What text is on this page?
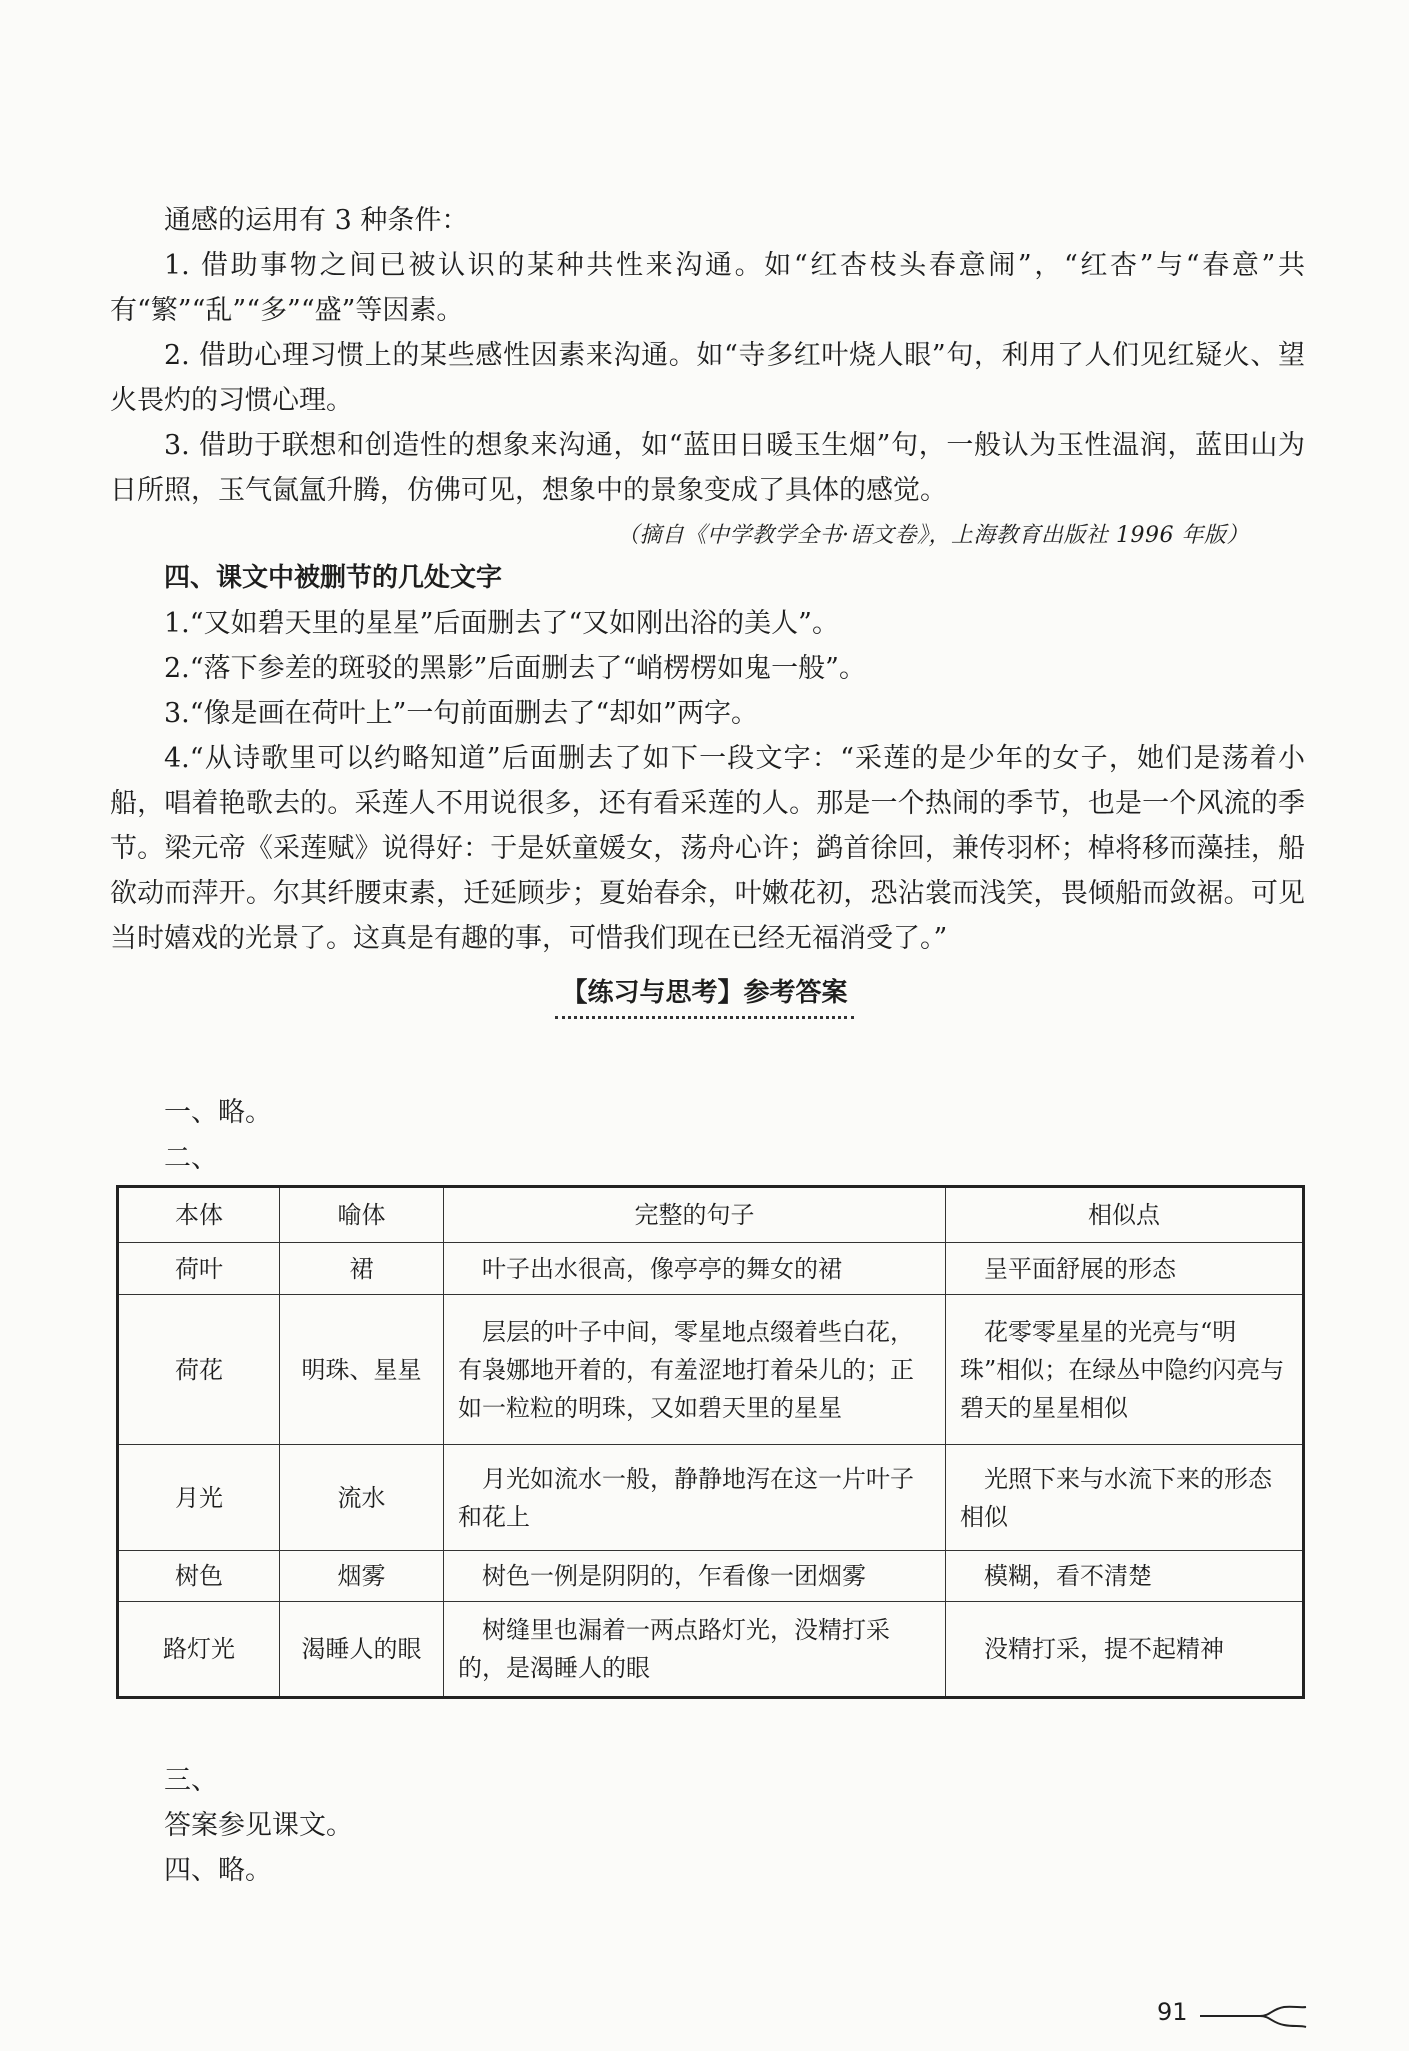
通感的运用有 3 种条件：

1. 借助事物之间已被认识的某种共性来沟通。如“红杏枝头春意闹”，“红杏”与“春意”共有“繁”“乱”“多”“盛”等因素。

2. 借助心理习惯上的某些感性因素来沟通。如“寺多红叶烧人眼”句，利用了人们见红疑火、望火畏灼的习惯心理。

3. 借助于联想和创造性的想象来沟通，如“蓝田日暖玉生烟”句，一般认为玉性温润，蓝田山为日所照，玉气氤氲升腾，仿佛可见，想象中的景象变成了具体的感觉。

（摘自《中学教学全书·语文卷》，上海教育出版社 1996 年版）

四、课文中被删节的几处文字

1.“又如碧天里的星星”后面删去了“又如刚出浴的美人”。

2.“落下参差的斑驳的黑影”后面删去了“峭楞楞如鬼一般”。

3.“像是画在荷叶上”一句前面删去了“却如”两字。

4.“从诗歌里可以约略知道”后面删去了如下一段文字：“采莲的是少年的女子，她们是荡着小船，唱着艳歌去的。采莲人不用说很多，还有看采莲的人。那是一个热闹的季节，也是一个风流的季节。梁元帝《采莲赋》说得好：于是妖童媛女，荡舟心许；鹢首徐回，兼传羽杯；棹将移而藻挂，船欲动而萍开。尔其纤腰束素，迁延顾步；夏始春余，叶嫩花初，恐沾裳而浅笑，畏倾船而敛裾。可见当时嬉戏的光景了。这真是有趣的事，可惜我们现在已经无福消受了。”

【练习与思考】参考答案

一、略。

二、

本体	喻体	完整的句子	相似点
荷叶	裙	叶子出水很高，像亭亭的舞女的裙	呈平面舒展的形态
荷花	明珠、星星	层层的叶子中间，零星地点缀着些白花，有袅娜地开着的，有羞涩地打着朵儿的；正如一粒粒的明珠，又如碧天里的星星	花零零星星的光亮与“明珠”相似；在绿丛中隐约闪亮与碧天的星星相似
月光	流水	月光如流水一般，静静地泻在这一片叶子和花上	光照下来与水流下来的形态相似
树色	烟雾	树色一例是阴阴的，乍看像一团烟雾	模糊，看不清楚
路灯光	渴睡人的眼	树缝里也漏着一两点路灯光，没精打采的，是渴睡人的眼	没精打采，提不起精神

三、

答案参见课文。

四、略。

91
